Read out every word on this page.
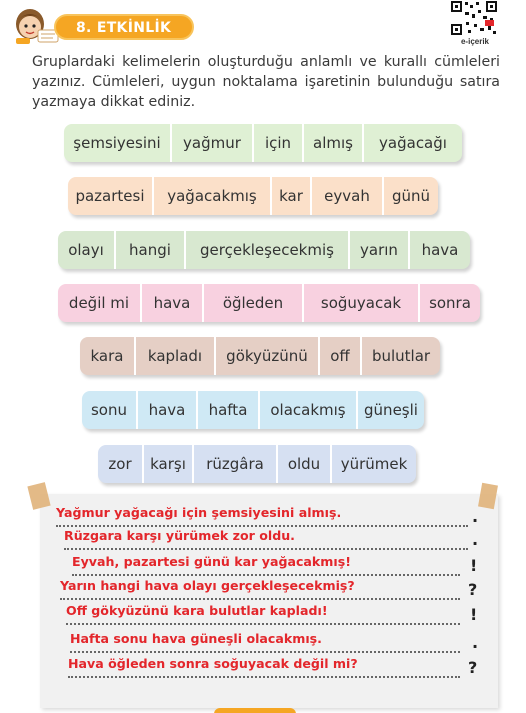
8. ETKİNLİK
e-içerik

Gruplardaki kelimelerin oluşturduğu anlamlı ve kurallı cümleleri yazınız. Cümleleri, uygun noktalama işaretinin bulunduğu satıra yazmaya dikkat ediniz.

şemsiyesini	yağmur	için	almış	yağacağı
pazartesi	yağacakmış	kar	eyvah	günü
olayı	hangi	gerçekleşecekmiş	yarın	hava
değil mi	hava	öğleden	soğuyacak	sonra
kara	kapladı	gökyüzünü	off	bulutlar
sonu	hava	hafta	olacakmış	güneşli
zor	karşı	rüzgâra	oldu	yürümek
Yağmur yağacağı için şemsiyesini almış.	.
Rüzgara karşı yürümek zor oldu.	.
Eyvah, pazartesi günü kar yağacakmış!	!
Yarın hangi hava olayı gerçekleşecekmiş?	?
Off gökyüzünü kara bulutlar kapladı!	!
Hafta sonu hava güneşli olacakmış.	.
Hava öğleden sonra soğuyacak değil mi?	?
